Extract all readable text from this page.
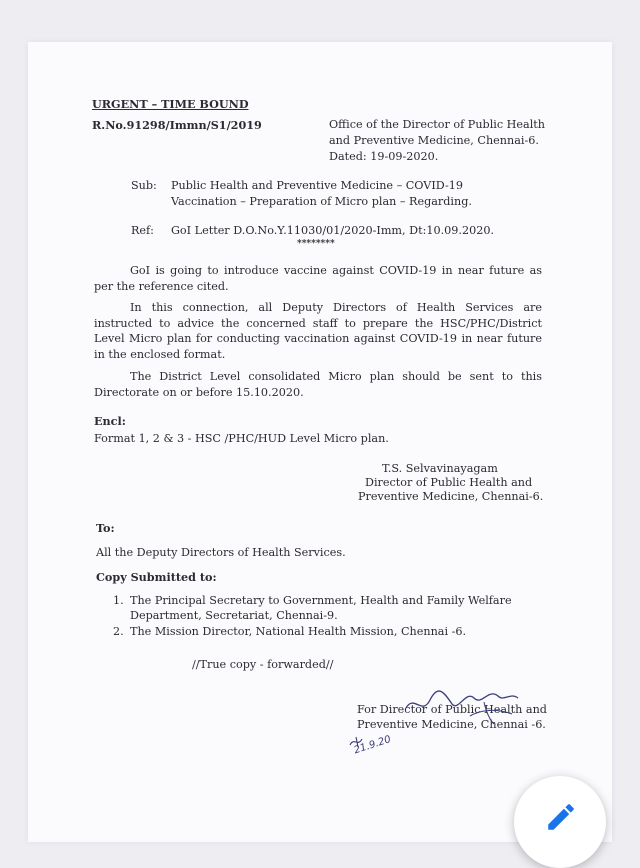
URGENT – TIME BOUND
R.No.91298/Immn/S1/2019	Office of the Director of Public Health
and Preventive Medicine, Chennai-6.
Dated: 19-09-2020.
Sub: Public Health and Preventive Medicine – COVID-19
Vaccination – Preparation of Micro plan – Regarding.
Ref: GoI Letter D.O.No.Y.11030/01/2020-Imm, Dt:10.09.2020.
********
GoI is going to introduce vaccine against COVID-19 in near future as per the reference cited.
In this connection, all Deputy Directors of Health Services are instructed to advice the concerned staff to prepare the HSC/PHC/District Level Micro plan for conducting vaccination against COVID-19 in near future in the enclosed format.
The District Level consolidated Micro plan should be sent to this Directorate on or before 15.10.2020.
Encl:
Format 1, 2 & 3 - HSC /PHC/HUD Level Micro plan.
T.S. Selvavinayagam
Director of Public Health and
Preventive Medicine, Chennai-6.
To:
All the Deputy Directors of Health Services.
Copy Submitted to:
1. The Principal Secretary to Government, Health and Family Welfare
Department, Secretariat, Chennai-9.
2. The Mission Director, National Health Mission, Chennai -6.
//True copy - forwarded//
For Director of Public Health and
Preventive Medicine, Chennai -6.
21.9.20
